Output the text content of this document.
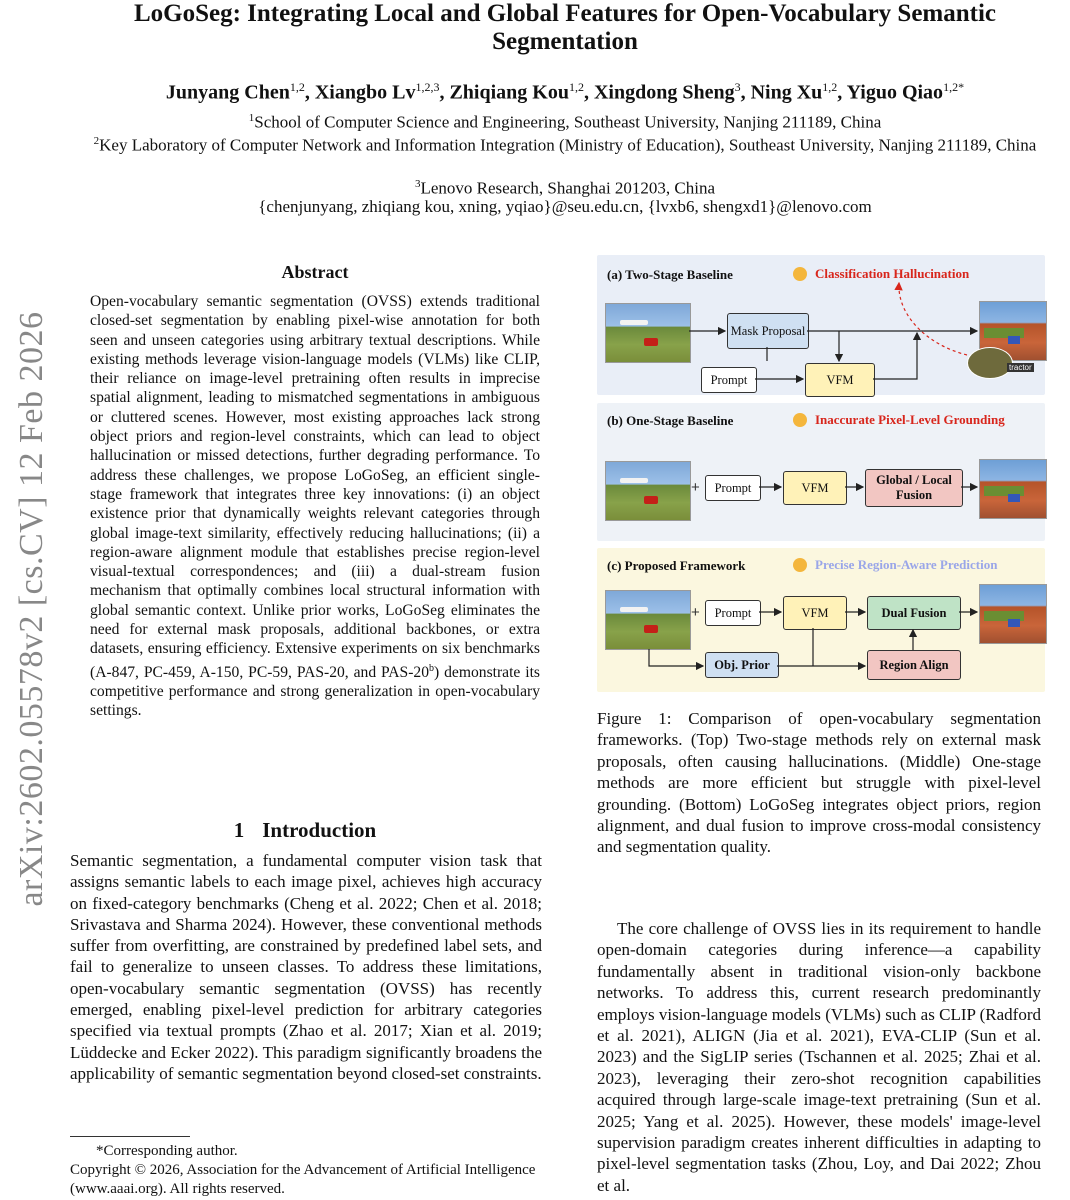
LoGoSeg: Integrating Local and Global Features for Open-Vocabulary Semantic Segmentation
Junyang Chen$^{1,2}$, Xiangbo Lv$^{1,2,3}$, Zhiqiang Kou$^{1,2}$, Xingdong Sheng$^3$, Ning Xu$^{1,2}$, Yiguo Qiao$^{1,2*}$
$^1$School of Computer Science and Engineering, Southeast University, Nanjing 211189, China
$^2$Key Laboratory of Computer Network and Information Integration (Ministry of Education), Southeast University, Nanjing 211189, China
$^3$Lenovo Research, Shanghai 201203, China
{chenjunyang, zhiqiang kou, xning, yqiao}@seu.edu.cn, {lvxb6, shengxd1}@lenovo.com
arXiv:2602.05578v2 [cs.CV] 12 Feb 2026
Abstract
Open-vocabulary semantic segmentation (OVSS) extends traditional closed-set segmentation by enabling pixel-wise annotation for both seen and unseen categories using arbitrary textual descriptions. While existing methods leverage vision-language models (VLMs) like CLIP, their reliance on image-level pretraining often results in imprecise spatial alignment, leading to mismatched segmentations in ambiguous or cluttered scenes. However, most existing approaches lack strong object priors and region-level constraints, which can lead to object hallucination or missed detections, further degrading performance. To address these challenges, we propose LoGoSeg, an efficient single-stage framework that integrates three key innovations: (i) an object existence prior that dynamically weights relevant categories through global image-text similarity, effectively reducing hallucinations; (ii) a region-aware alignment module that establishes precise region-level visual-textual correspondences; and (iii) a dual-stream fusion mechanism that optimally combines local structural information with global semantic context. Unlike prior works, LoGoSeg eliminates the need for external mask proposals, additional backbones, or extra datasets, ensuring efficiency. Extensive experiments on six benchmarks (A-847, PC-459, A-150, PC-59, PAS-20, and PAS-20$^b$) demonstrate its competitive performance and strong generalization in open-vocabulary settings.
1 Introduction
Semantic segmentation, a fundamental computer vision task that assigns semantic labels to each image pixel, achieves high accuracy on fixed-category benchmarks (Cheng et al. 2022; Chen et al. 2018; Srivastava and Sharma 2024). However, these conventional methods suffer from overfitting, are constrained by predefined label sets, and fail to generalize to unseen classes. To address these limitations, open-vocabulary semantic segmentation (OVSS) has recently emerged, enabling pixel-level prediction for arbitrary categories specified via textual prompts (Zhao et al. 2017; Xian et al. 2019; Lüddecke and Ecker 2022). This paradigm significantly broadens the applicability of semantic segmentation beyond closed-set constraints.
*Corresponding author.
Copyright © 2026, Association for the Advancement of Artificial Intelligence (www.aaai.org). All rights reserved.
(a) Two-Stage Baseline	Classification Hallucination
Mask Proposal
Prompt	VFM
tractor
(b) One-Stage Baseline	Inaccurate Pixel-Level Grounding
+	Prompt	VFM
Global / Local Fusion
(c) Proposed Framework	Precise Region-Aware Prediction
+	Prompt	VFM	Dual Fusion
Obj. Prior	Region Align
Figure 1: Comparison of open-vocabulary segmentation frameworks. (Top) Two-stage methods rely on external mask proposals, often causing hallucinations. (Middle) One-stage methods are more efficient but struggle with pixel-level grounding. (Bottom) LoGoSeg integrates object priors, region alignment, and dual fusion to improve cross-modal consistency and segmentation quality.
The core challenge of OVSS lies in its requirement to handle open-domain categories during inference—a capability fundamentally absent in traditional vision-only backbone networks. To address this, current research predominantly employs vision-language models (VLMs) such as CLIP (Radford et al. 2021), ALIGN (Jia et al. 2021), EVA-CLIP (Sun et al. 2023) and the SigLIP series (Tschannen et al. 2025; Zhai et al. 2023), leveraging their zero-shot recognition capabilities acquired through large-scale image-text pretraining (Sun et al. 2025; Yang et al. 2025). However, these models' image-level supervision paradigm creates inherent difficulties in adapting to pixel-level segmentation tasks (Zhou, Loy, and Dai 2022; Zhou et al.
